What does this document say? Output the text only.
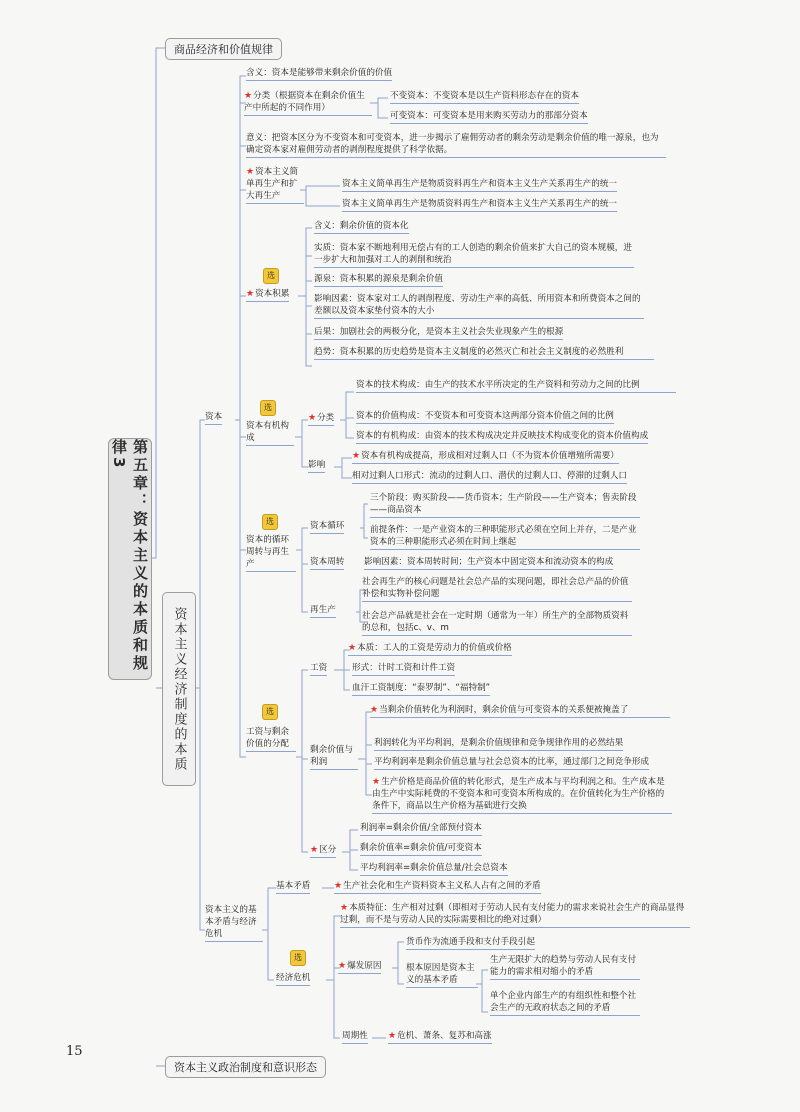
第五章：资本主义的本质和规律3
商品经济和价值规律
资本主义经济制度的本质
资本主义政治制度和意识形态
资本
含义：资本是能够带来剩余价值的价值
★分类（根据资本在剩余价值生产中所起的不同作用）
不变资本：不变资本是以生产资料形态存在的资本
可变资本：可变资本是用来购买劳动力的那部分资本
意义：把资本区分为不变资本和可变资本，进一步揭示了雇佣劳动者的剩余劳动是剩余价值的唯一源泉，也为确定资本家对雇佣劳动者的剥削程度提供了科学依据。
★资本主义简单再生产和扩大再生产
资本主义简单再生产是物质资料再生产和资本主义生产关系再生产的统一
资本主义简单再生产是物质资料再生产和资本主义生产关系再生产的统一
选
★资本积累
含义：剩余价值的资本化
实质：资本家不断地利用无偿占有的工人创造的剩余价值来扩大自己的资本规模，进一步扩大和加强对工人的剥削和统治
源泉：资本积累的源泉是剩余价值
影响因素：资本家对工人的剥削程度、劳动生产率的高低、所用资本和所费资本之间的差额以及资本家垫付资本的大小
后果：加剧社会的两极分化，是资本主义社会失业现象产生的根源
趋势：资本积累的历史趋势是资本主义制度的必然灭亡和社会主义制度的必然胜利
选
资本有机构成
★分类
资本的技术构成：由生产的技术水平所决定的生产资料和劳动力之间的比例
资本的价值构成：不变资本和可变资本这两部分资本价值之间的比例
资本的有机构成：由资本的技术构成决定并反映技术构成变化的资本价值构成
影响
★资本有机构成提高，形成相对过剩人口（不为资本价值增殖所需要）
相对过剩人口形式：流动的过剩人口、潜伏的过剩人口、停滞的过剩人口
选
资本的循环周转与再生产
资本循环
三个阶段：购买阶段——货币资本；生产阶段——生产资本；售卖阶段——商品资本
前提条件：一是产业资本的三种职能形式必须在空间上并存，二是产业资本的三种职能形式必须在时间上继起
资本周转 影响因素：资本周转时间；生产资本中固定资本和流动资本的构成
再生产
社会再生产的核心问题是社会总产品的实现问题，即社会总产品的价值补偿和实物补偿问题
社会总产品就是社会在一定时期（通常为一年）所生产的全部物质资料的总和，包括c、v、m
选
工资与剩余价值的分配
工资
★本质：工人的工资是劳动力的价值或价格
形式：计时工资和计件工资
血汗工资制度：“泰罗制”、“福特制”
剩余价值与利润
★当剩余价值转化为利润时，剩余价值与可变资本的关系便被掩盖了
利润转化为平均利润，是剩余价值规律和竞争规律作用的必然结果
平均利润率是剩余价值总量与社会总资本的比率，通过部门之间竞争形成
★生产价格是商品价值的转化形式，是生产成本与平均利润之和。生产成本是由生产中实际耗费的不变资本和可变资本所构成的。在价值转化为生产价格的条件下，商品以生产价格为基础进行交换
★区分
利润率=剩余价值/全部预付资本
剩余价值率=剩余价值/可变资本
平均利润率=剩余价值总量/社会总资本
资本主义的基本矛盾与经济危机
基本矛盾	★生产社会化和生产资料资本主义私人占有之间的矛盾
选
经济危机
★本质特征：生产相对过剩（即相对于劳动人民有支付能力的需求来说社会生产的商品显得过剩，而不是与劳动人民的实际需要相比的绝对过剩）
★爆发原因
货币作为流通手段和支付手段引起
根本原因是资本主义的基本矛盾
生产无限扩大的趋势与劳动人民有支付能力的需求相对缩小的矛盾
单个企业内部生产的有组织性和整个社会生产的无政府状态之间的矛盾
周期性 ★危机、萧条、复苏和高涨
15
